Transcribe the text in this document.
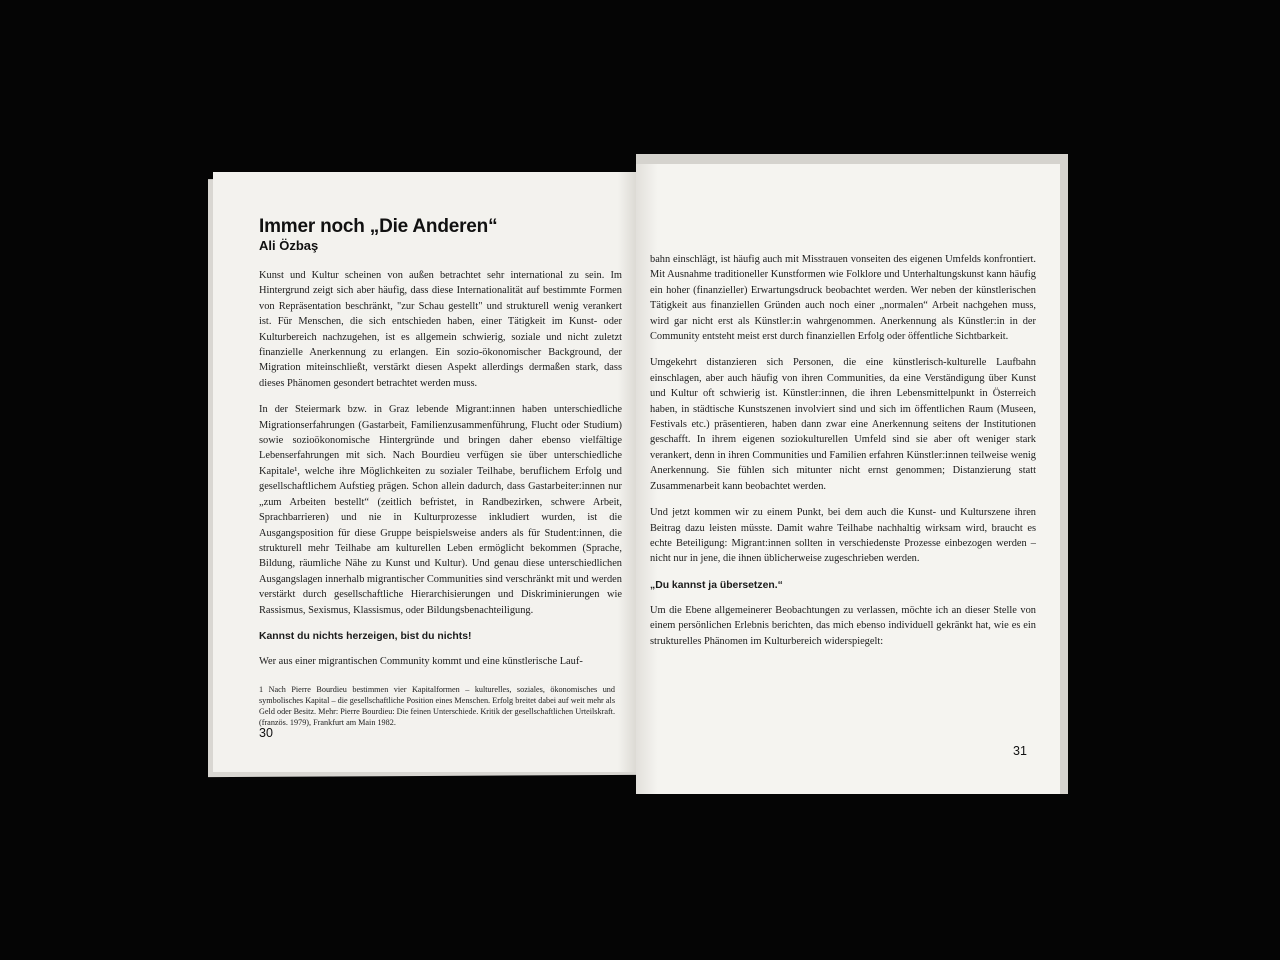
Immer noch „Die Anderen“
Ali Özbaş

Kunst und Kultur scheinen von außen betrachtet sehr international zu sein. Im Hintergrund zeigt sich aber häufig, dass diese Internationalität auf bestimmte Formen von Repräsentation beschränkt, "zur Schau gestellt" und strukturell wenig verankert ist. Für Menschen, die sich entschieden haben, einer Tätigkeit im Kunst- oder Kulturbereich nachzugehen, ist es allgemein schwierig, soziale und nicht zuletzt finanzielle Anerkennung zu erlangen. Ein sozio-ökonomischer Background, der Migration miteinschließt, verstärkt diesen Aspekt allerdings dermaßen stark, dass dieses Phänomen gesondert betrachtet werden muss.

In der Steiermark bzw. in Graz lebende Migrant:innen haben unterschiedliche Migrationserfahrungen (Gastarbeit, Familienzusammenführung, Flucht oder Studium) sowie sozioökonomische Hintergründe und bringen daher ebenso vielfältige Lebenserfahrungen mit sich. Nach Bourdieu verfügen sie über unterschiedliche Kapitale¹, welche ihre Möglichkeiten zu sozialer Teilhabe, beruflichem Erfolg und gesellschaftlichem Aufstieg prägen. Schon allein dadurch, dass Gastarbeiter:innen nur „zum Arbeiten bestellt“ (zeitlich befristet, in Randbezirken, schwere Arbeit, Sprachbarrieren) und nie in Kulturprozesse inkludiert wurden, ist die Ausgangsposition für diese Gruppe beispielsweise anders als für Student:innen, die strukturell mehr Teilhabe am kulturellen Leben ermöglicht bekommen (Sprache, Bildung, räumliche Nähe zu Kunst und Kultur). Und genau diese unterschiedlichen Ausgangslagen innerhalb migrantischer Communities sind verschränkt mit und werden verstärkt durch gesellschaftliche Hierarchisierungen und Diskriminierungen wie Rassismus, Sexismus, Klassismus, oder Bildungsbenachteiligung.

Kannst du nichts herzeigen, bist du nichts!

Wer aus einer migrantischen Community kommt und eine künstlerische Lauf-

1 Nach Pierre Bourdieu bestimmen vier Kapitalformen – kulturelles, soziales, ökonomisches und symbolisches Kapital – die gesellschaftliche Position eines Menschen. Erfolg breitet dabei auf weit mehr als Geld oder Besitz. Mehr: Pierre Bourdieu: Die feinen Unterschiede. Kritik der gesellschaftlichen Urteilskraft. (französ. 1979), Frankfurt am Main 1982.
30

bahn einschlägt, ist häufig auch mit Misstrauen vonseiten des eigenen Umfelds konfrontiert. Mit Ausnahme traditioneller Kunstformen wie Folklore und Unterhaltungskunst kann häufig ein hoher (finanzieller) Erwartungsdruck beobachtet werden. Wer neben der künstlerischen Tätigkeit aus finanziellen Gründen auch noch einer „normalen“ Arbeit nachgehen muss, wird gar nicht erst als Künstler:in wahrgenommen. Anerkennung als Künstler:in in der Community entsteht meist erst durch finanziellen Erfolg oder öffentliche Sichtbarkeit.

Umgekehrt distanzieren sich Personen, die eine künstlerisch-kulturelle Laufbahn einschlagen, aber auch häufig von ihren Communities, da eine Verständigung über Kunst und Kultur oft schwierig ist. Künstler:innen, die ihren Lebensmittelpunkt in Österreich haben, in städtische Kunstszenen involviert sind und sich im öffentlichen Raum (Museen, Festivals etc.) präsentieren, haben dann zwar eine Anerkennung seitens der Institutionen geschafft. In ihrem eigenen soziokulturellen Umfeld sind sie aber oft weniger stark verankert, denn in ihren Communities und Familien erfahren Künstler:innen teilweise wenig Anerkennung. Sie fühlen sich mitunter nicht ernst genommen; Distanzierung statt Zusammenarbeit kann beobachtet werden.

Und jetzt kommen wir zu einem Punkt, bei dem auch die Kunst- und Kulturszene ihren Beitrag dazu leisten müsste. Damit wahre Teilhabe nachhaltig wirksam wird, braucht es echte Beteiligung: Migrant:innen sollten in verschiedenste Prozesse einbezogen werden – nicht nur in jene, die ihnen üblicherweise zugeschrieben werden.

„Du kannst ja übersetzen.“

Um die Ebene allgemeinerer Beobachtungen zu verlassen, möchte ich an dieser Stelle von einem persönlichen Erlebnis berichten, das mich ebenso individuell gekränkt hat, wie es ein strukturelles Phänomen im Kulturbereich widerspiegelt:

31
